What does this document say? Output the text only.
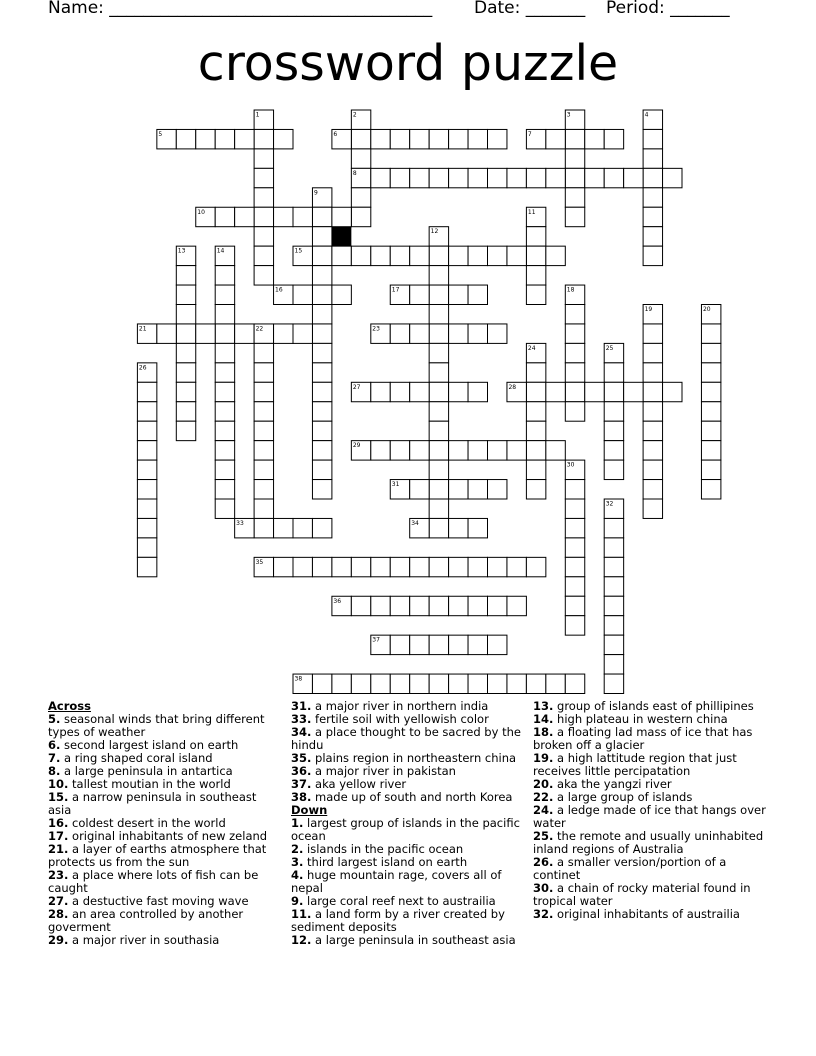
Name: ______________________________________ Date: _______ Period: _______
crossword puzzle
1	2	3	4
5	6	7
8
9
10	11
12
13	14	15
16	17	18
19	20
21	22	23
24	25
26
27	28
29
30
31
32
33	34
35
36
37
38
Across
5. seasonal winds that bring different types of weather
6. second largest island on earth
7. a ring shaped coral island
8. a large peninsula in antartica
10. tallest moutian in the world
15. a narrow peninsula in southeast asia
16. coldest desert in the world
17. original inhabitants of new zeland
21. a layer of earths atmosphere that protects us from the sun
23. a place where lots of fish can be caught
27. a destuctive fast moving wave
28. an area controlled by another goverment
29. a major river in southasia
31. a major river in northern india
33. fertile soil with yellowish color
34. a place thought to be sacred by the hindu
35. plains region in northeastern china
36. a major river in pakistan
37. aka yellow river
38. made up of south and north Korea
Down
1. largest group of islands in the pacific ocean
2. islands in the pacific ocean
3. third largest island on earth
4. huge mountain rage, covers all of nepal
9. large coral reef next to austrailia
11. a land form by a river created by sediment deposits
12. a large peninsula in southeast asia
13. group of islands east of phillipines
14. high plateau in western china
18. a floating lad mass of ice that has broken off a glacier
19. a high lattitude region that just receives little percipatation
20. aka the yangzi river
22. a large group of islands
24. a ledge made of ice that hangs over water
25. the remote and usually uninhabited inland regions of Australia
26. a smaller version/portion of a continet
30. a chain of rocky material found in tropical water
32. original inhabitants of austrailia
